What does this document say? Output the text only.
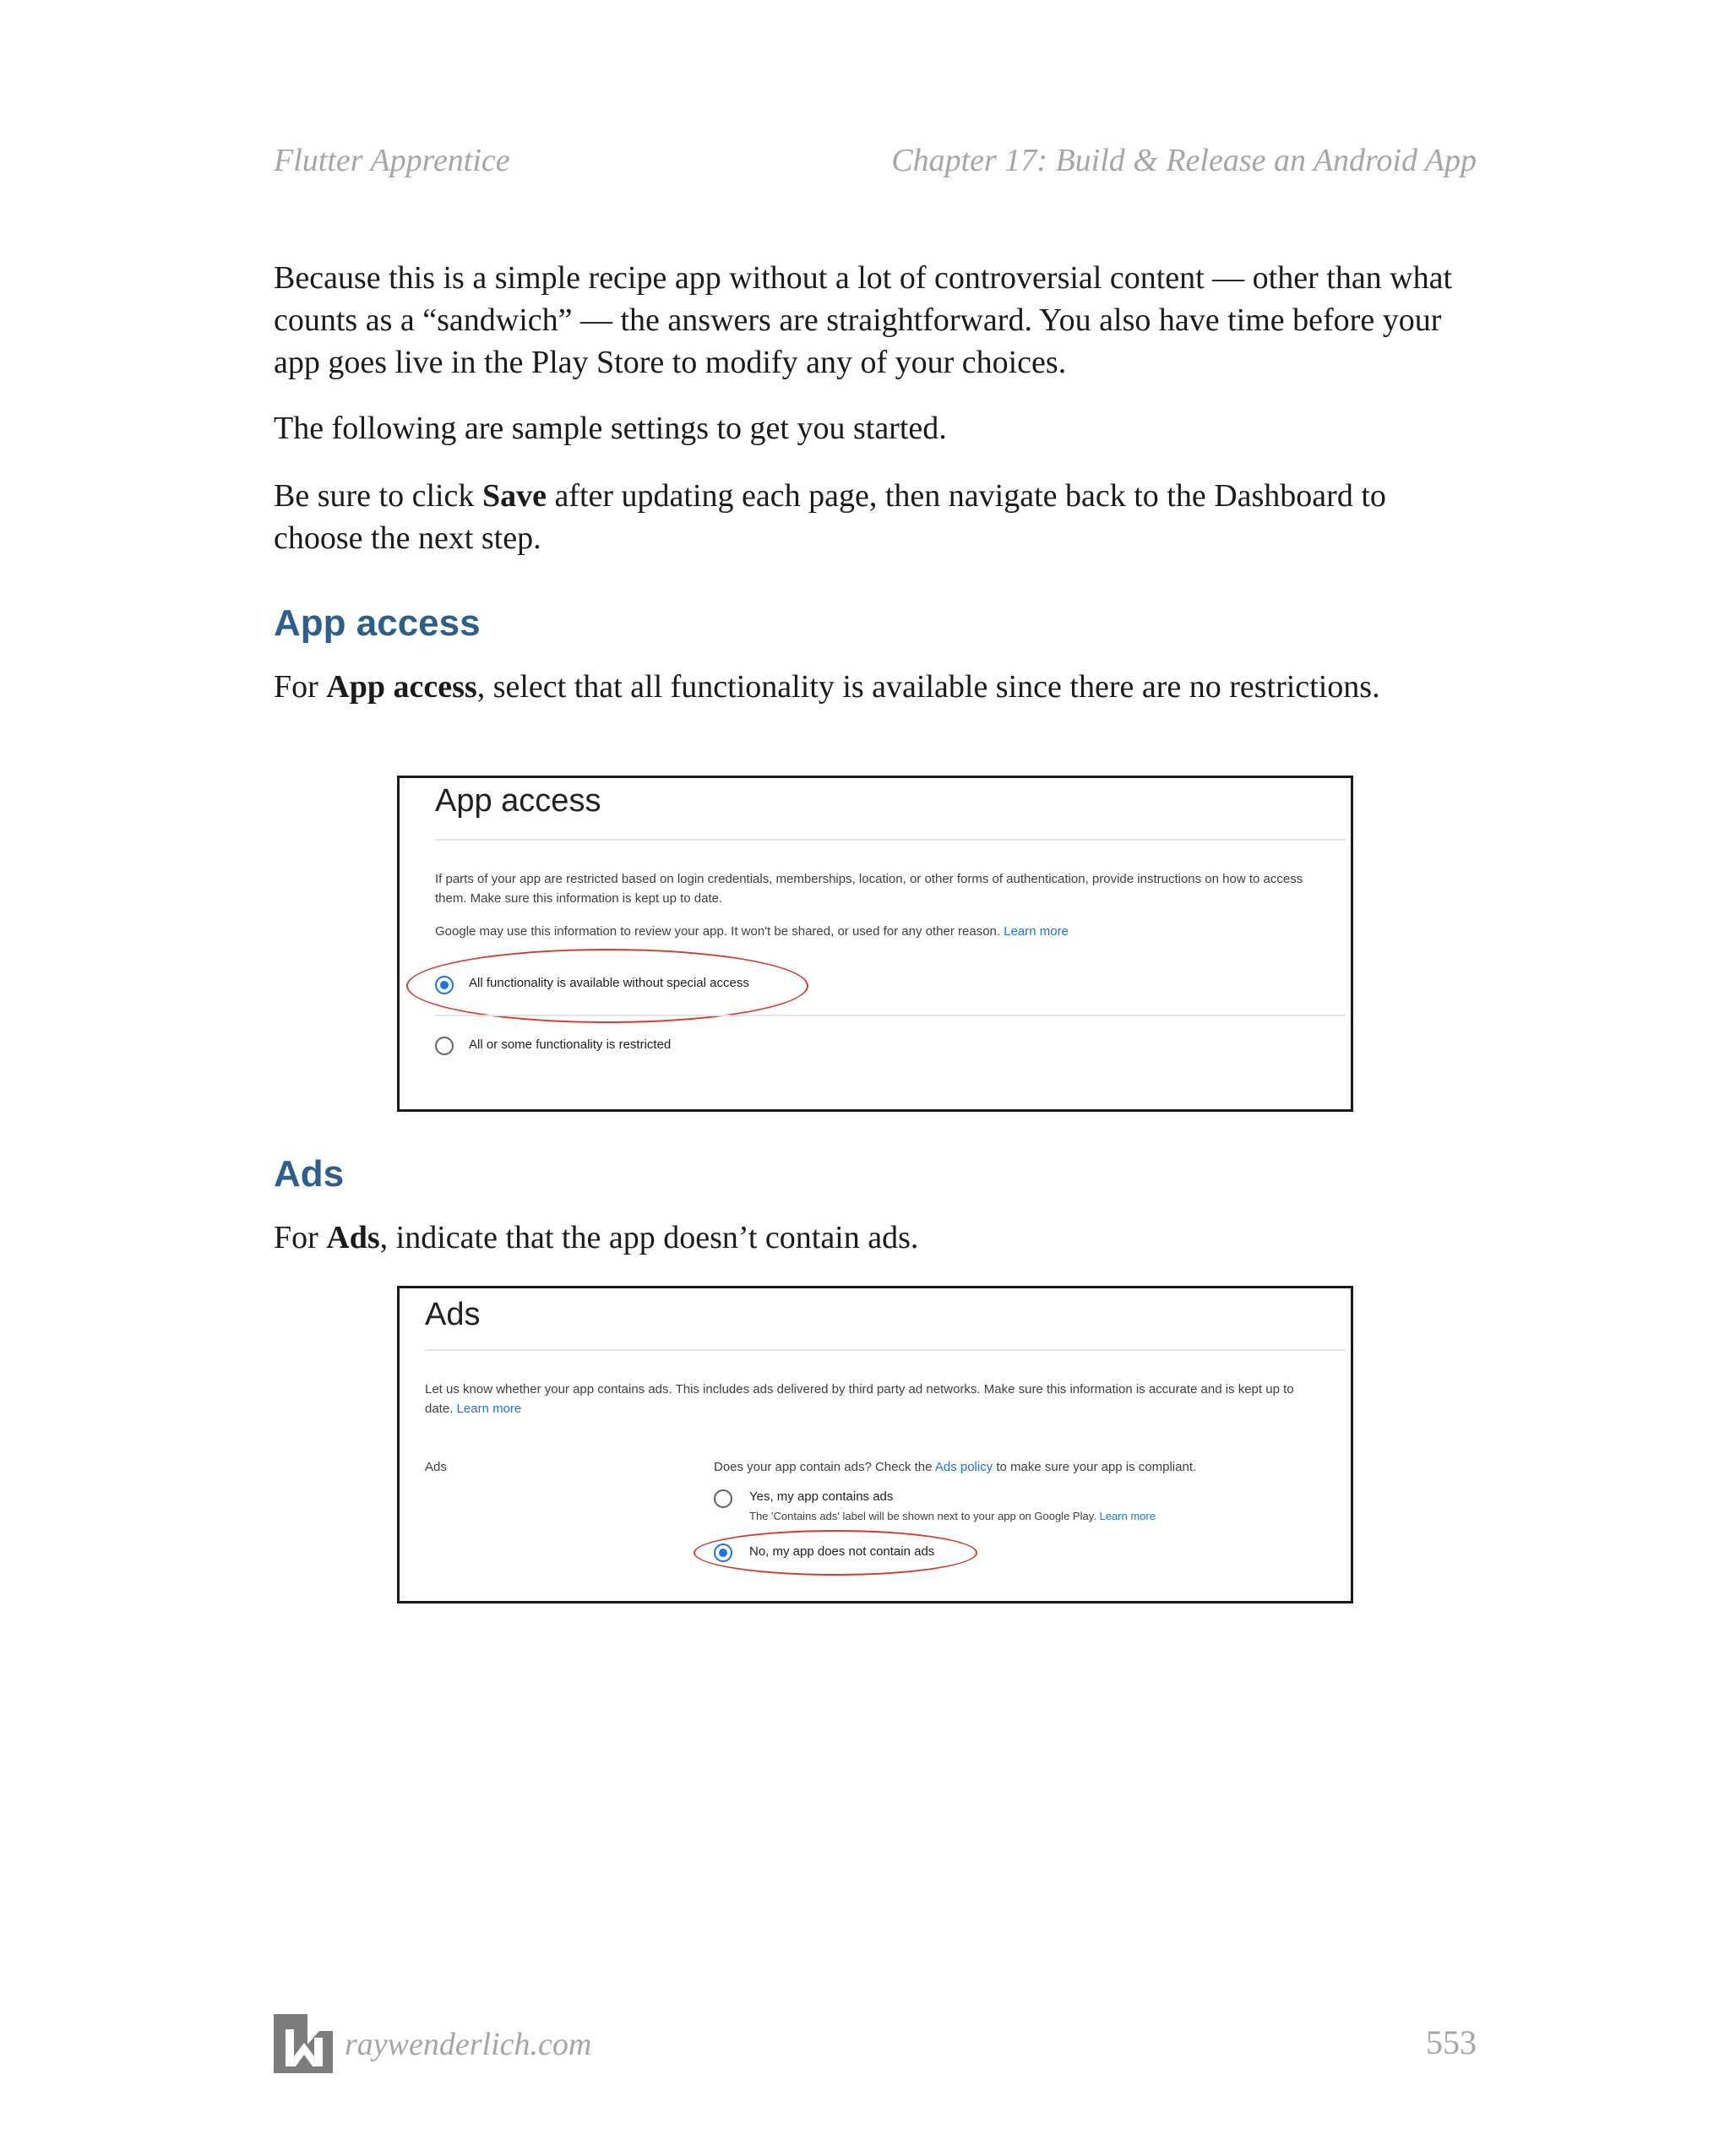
Flutter Apprentice	Chapter 17: Build & Release an Android App

Because this is a simple recipe app without a lot of controversial content — other than what counts as a “sandwich” — the answers are straightforward. You also have time before your app goes live in the Play Store to modify any of your choices.

The following are sample settings to get you started.

Be sure to click Save after updating each page, then navigate back to the Dashboard to choose the next step.

App access

For App access, select that all functionality is available since there are no restrictions.

App access
If parts of your app are restricted based on login credentials, memberships, location, or other forms of authentication, provide instructions on how to access them. Make sure this information is kept up to date.
Google may use this information to review your app. It won't be shared, or used for any other reason. Learn more
All functionality is available without special access
All or some functionality is restricted
Ads

For Ads, indicate that the app doesn’t contain ads.

Ads
Let us know whether your app contains ads. This includes ads delivered by third party ad networks. Make sure this information is accurate and is kept up to date. Learn more
Ads	Does your app contain ads? Check the Ads policy to make sure your app is compliant.
Yes, my app contains ads
The 'Contains ads' label will be shown next to your app on Google Play. Learn more
No, my app does not contain ads
raywenderlich.com	553
